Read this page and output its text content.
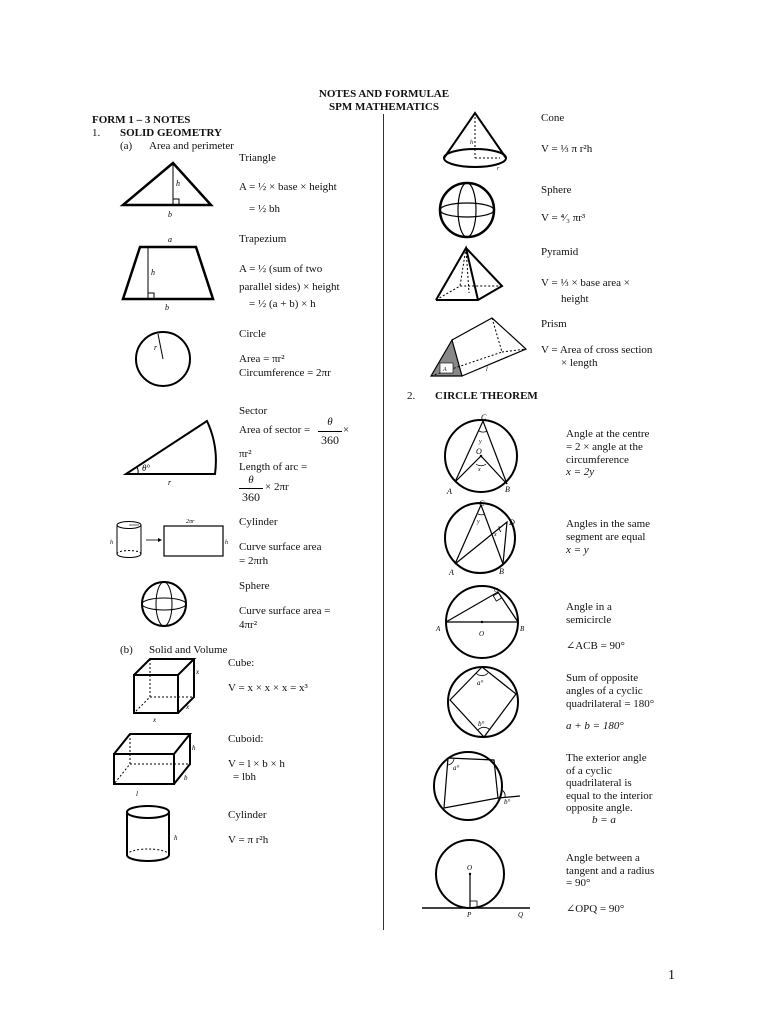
NOTES AND FORMULAE
SPM MATHEMATICS
FORM 1 – 3 NOTES
1. SOLID GEOMETRY
(a) Area and perimeter
h
b
Triangle
A = ½ × base × height
= ½ bh
a
h
b
Trapezium
A = ½ (sum of two
parallel sides) × height
= ½ (a + b) × h
r
Circle
Area = πr²
Circumference = 2πr
θ°
r
Sector
Area of sector =
θ
360
×
πr²
Length of arc =
θ
360
× 2πr
h
2πr
h
Cylinder
Curve surface area
= 2πrh
Sphere
Curve surface area =
4πr²
(b) Solid and Volume
x
x
x
Cube:
V = x × x × x = x³
h
b
l
Cuboid:
V = l × b × h
= lbh
h
Cylinder
V = π r²h
h
r
Cone
V = ⅓ π r²h
Sphere
V = ⁴⁄₃ πr³
Pyramid
V = ⅓ × base area ×
height
A	l
Prism
V = Area of cross section
× length
2. CIRCLE THEOREM
C
y
O
x
A	B
Angle at the centre
= 2 × angle at the
circumference
x = 2y
C
D
y
x
A	B
Angles in the same
segment are equal
x = y
C
A	B
O
Angle in a
semicircle
∠ACB = 90°
a°
b°
Sum of opposite
angles of a cyclic
quadrilateral = 180°
a + b = 180°
a°
b°
The exterior angle
of a cyclic
quadrilateral is
equal to the interior
opposite angle.
b = a
O
P	Q
Angle between a
tangent and a radius
= 90°
∠OPQ = 90°
1
